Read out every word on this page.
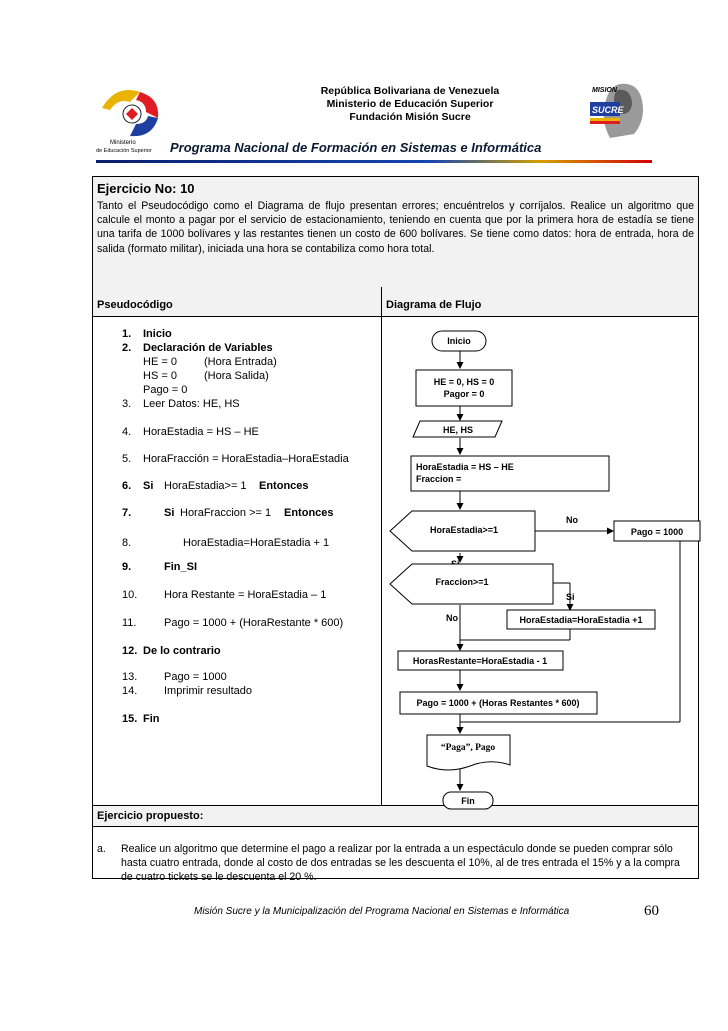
Ministerio
de Educación Superior
República Bolivariana de Venezuela
Ministerio de Educación Superior
Fundación Misión Sucre
MISION
SUCRE
Programa Nacional de Formación en Sistemas e Informática
Ejercicio No: 10
Tanto el Pseudocódigo como el Diagrama de flujo presentan errores; encuéntrelos y corríjalos. Realice un algoritmo que calcule el monto a pagar por el servicio de estacionamiento, teniendo en cuenta que por la primera hora de estadía se tiene una tarifa de 1000 bolívares y las restantes tienen un costo de 600 bolívares. Se tiene como datos: hora de entrada, hora de salida (formato militar), iniciada una hora se contabiliza como hora total.
Pseudocódigo	Diagrama de Flujo
Ejercicio propuesto:
a. Realice un algoritmo que determine el pago a realizar por la entrada a un espectáculo donde se pueden comprar sólo hasta cuatro entrada, donde al costo de dos entradas se les descuenta el 10%, al de tres entrada el 15% y a la compra de cuatro tickets se le descuenta el 20 %.
1. Inicio
2. Declaración de Variables
HE = 0 (Hora Entrada)
HS = 0 (Hora Salida)
Pago = 0
3. Leer Datos: HE, HS
4. HoraEstadia = HS – HE
5. HoraFracción = HoraEstadia–HoraEstadia
6. Si HoraEstadia>= 1 Entonces
7.	Si HoraFraccion >= 1 Entonces
8.	HoraEstadia=HoraEstadia + 1
9.	Fin_SI
10. Hora Restante = HoraEstadia – 1
11.	Pago = 1000 + (HoraRestante * 600)
12. De lo contrario
13. Pago = 1000
14. Imprimir resultado
15. Fin
Inicio
HE = 0, HS = 0
Pagor = 0
HE, HS
HoraEstadia = HS – HE
Fraccion =
HoraEstadia>=1
No
Pago = 1000
Fraccion>=1
Si
No	HoraEstadia=HoraEstadia +1
HorasRestante=HoraEstadia - 1
Pago = 1000 + (Horas Restantes * 600)
“Paga”, Pago
Fin
Misión Sucre y la Municipalización del Programa Nacional en Sistemas e Informática	60
